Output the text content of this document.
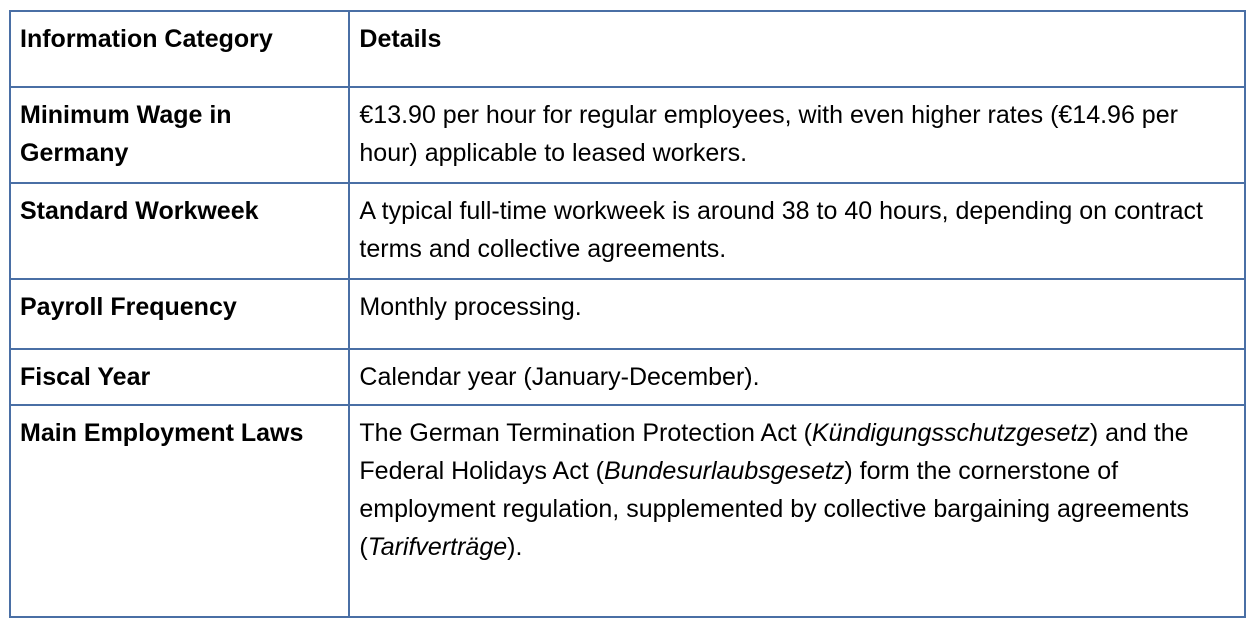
Information Category	Details
Minimum Wage in Germany	€13.90 per hour for regular employees, with even higher rates (€14.96 per hour) applicable to leased workers.
Standard Workweek	A typical full-time workweek is around 38 to 40 hours, depending on contract terms and collective agreements.
Payroll Frequency	Monthly processing.
Fiscal Year	Calendar year (January-December).
Main Employment Laws	The German Termination Protection Act (Kündigungsschutzgesetz) and the Federal Holidays Act (Bundesurlaubsgesetz) form the cornerstone of employment regulation, supplemented by collective bargaining agreements (Tarifverträge).
